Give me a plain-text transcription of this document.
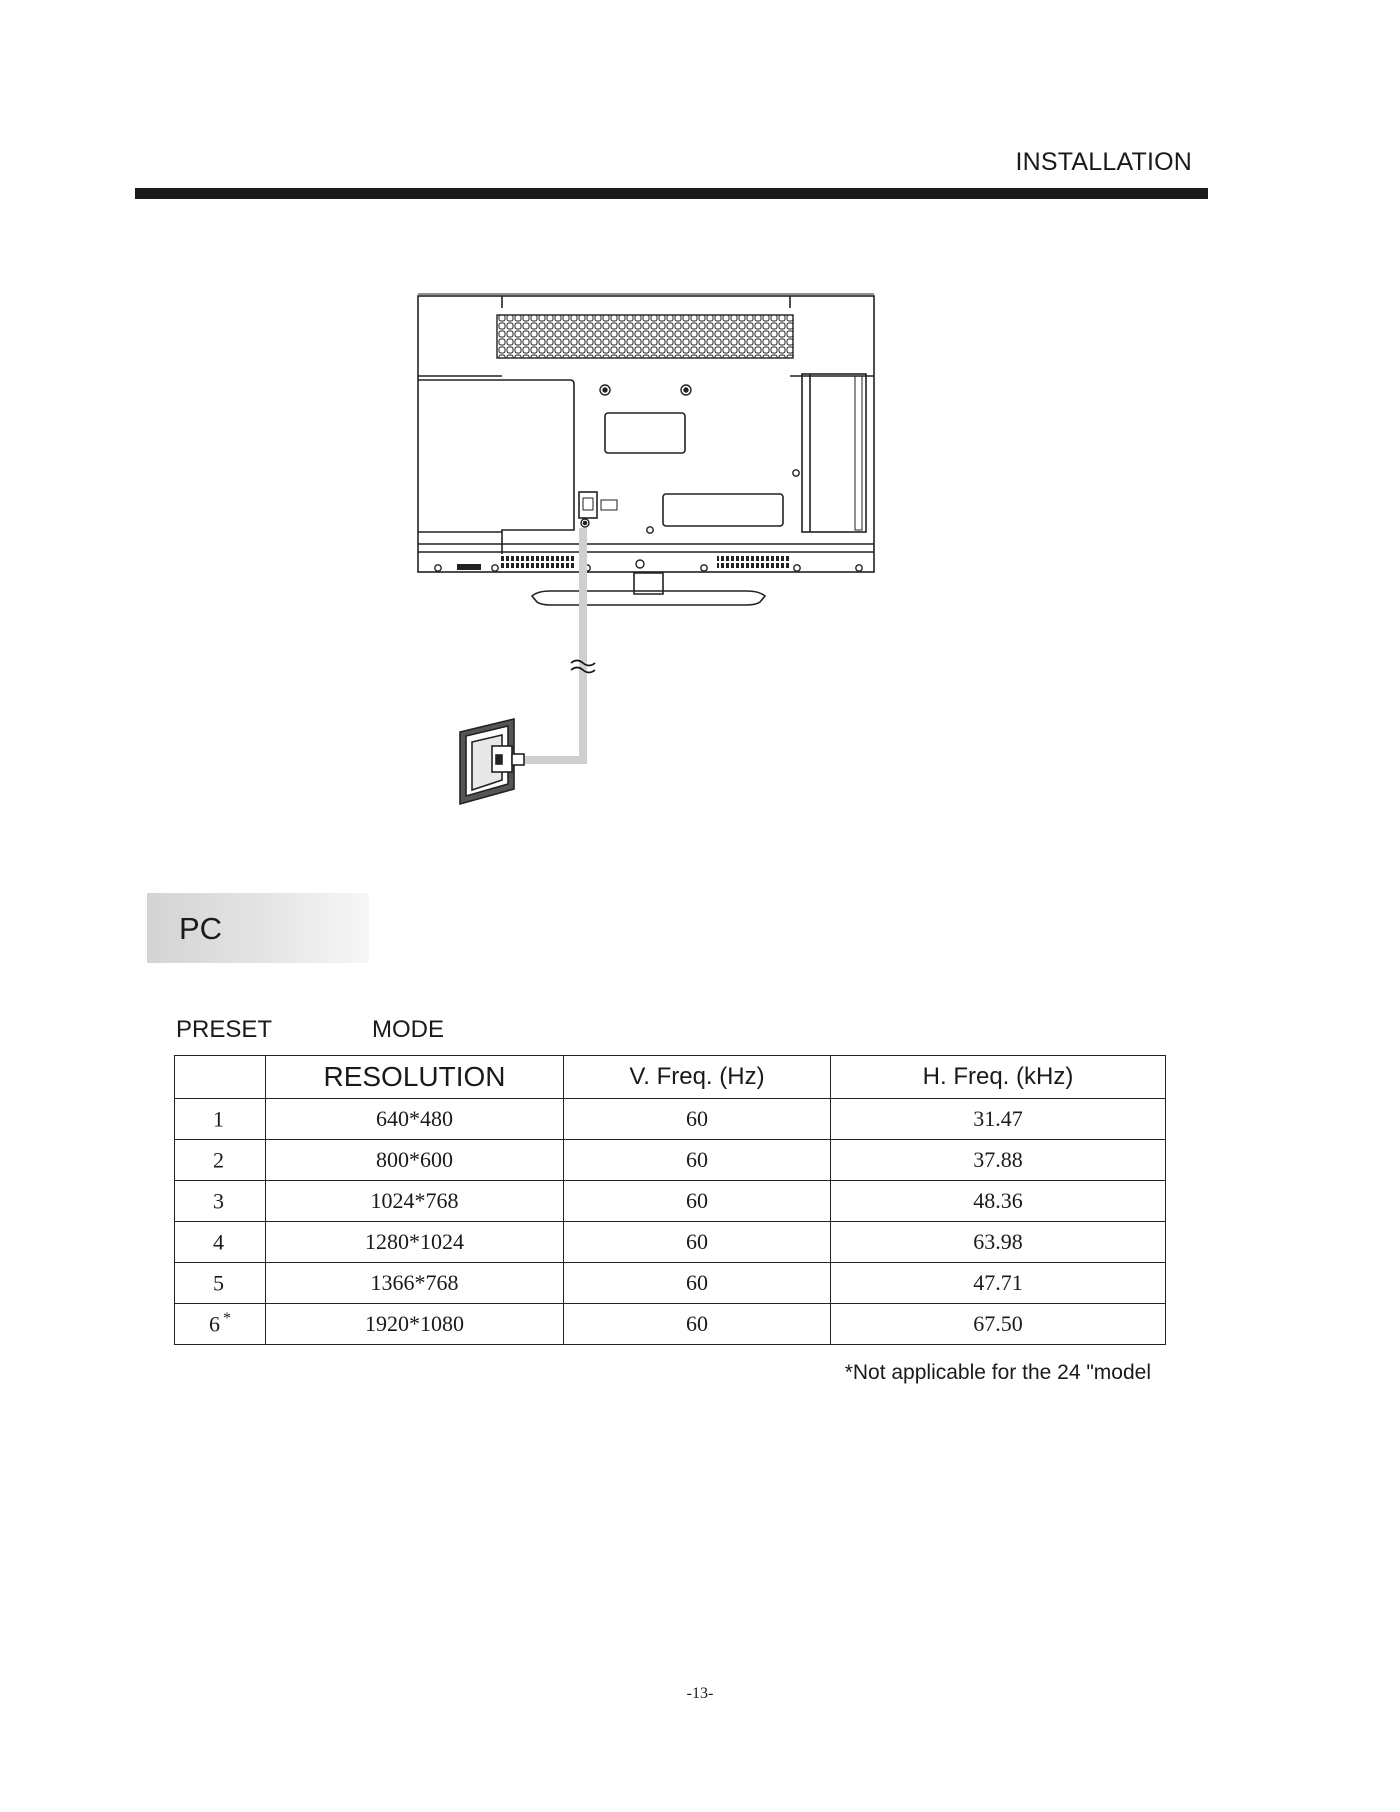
INSTALLATION
PC
PRESET	MODE
	RESOLUTION	V. Freq. (Hz)	H. Freq. (kHz)
1	640*480	60	31.47
2	800*600	60	37.88
3	1024*768	60	48.36
4	1280*1024	60	63.98
5	1366*768	60	47.71
6 *	1920*1080	60	67.50
*Not applicable for the 24 "model
-13-
